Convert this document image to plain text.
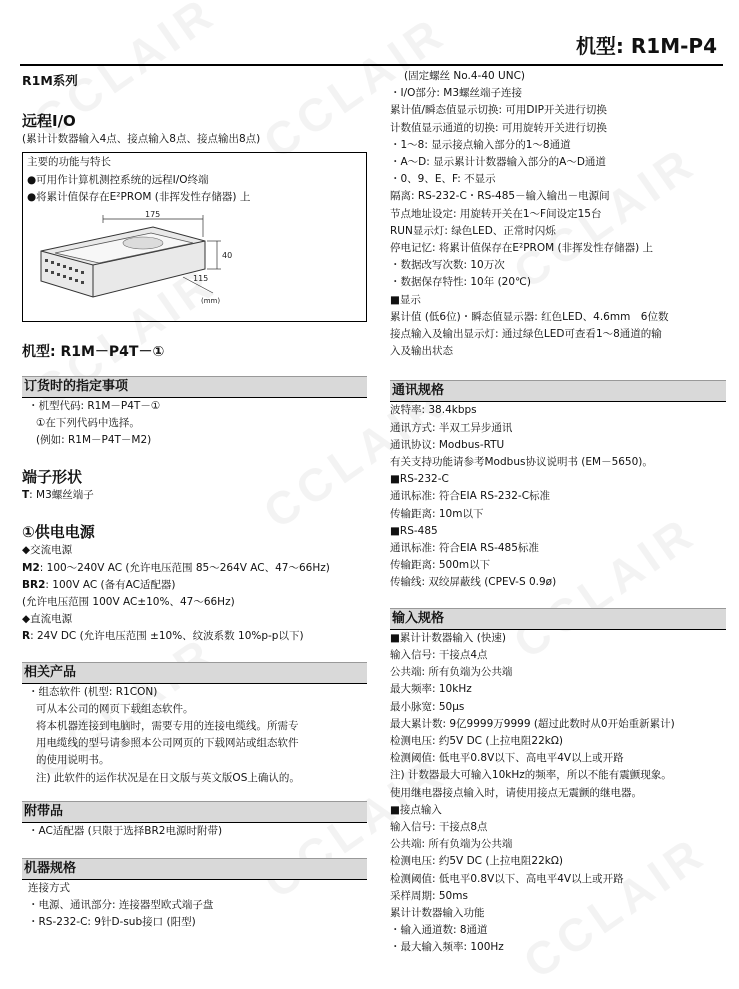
机型: R1M-P4
R1M系列
远程I/O
(累计计数器输入4点、接点输入8点、接点输出8点)
主要的功能与特长
●可用作计算机测控系统的远程I/O终端
●将累计值保存在E²PROM (非挥发性存储器) 上
175
40
115
(mm)
机型: R1M－P4T－①
订货时的指定事项
・机型代码: R1M－P4T－①
①在下列代码中选择。
(例如: R1M－P4T－M2)
端子形状
T: M3螺丝端子
①供电电源
◆交流电源
M2: 100～240V AC (允许电压范围 85～264V AC、47～66Hz)
BR2: 100V AC (备有AC适配器)
(允许电压范围 100V AC±10%、47～66Hz)
◆直流电源
R: 24V DC (允许电压范围 ±10%、纹波系数 10%p-p以下)
相关产品
・组态软件 (机型: R1CON)
可从本公司的网页下载组态软件。
将本机器连接到电脑时，需要专用的连接电缆线。所需专
用电缆线的型号请参照本公司网页的下载网站或组态软件
的使用说明书。
注) 此软件的运作状况是在日文版与英文版OS上确认的。
附带品
・AC适配器 (只限于选择BR2电源时附带)
机器规格
连接方式
・电源、通讯部分: 连接器型欧式端子盘
・RS-232-C: 9针D-sub接口 (阳型)
(固定螺丝 No.4-40 UNC)
・I/O部分: M3螺丝端子连接
累计值/瞬态值显示切换: 可用DIP开关进行切换
计数值显示通道的切换: 可用旋转开关进行切换
・1～8: 显示接点输入部分的1～8通道
・A～D: 显示累计计数器输入部分的A～D通道
・0、9、E、F: 不显示
隔离: RS-232-C・RS-485－输入输出－电源间
节点地址设定: 用旋转开关在1～F间设定15台
RUN显示灯: 绿色LED、正常时闪烁
停电记忆: 将累计值保存在E²PROM (非挥发性存储器) 上
・数据改写次数: 10万次
・数据保存特性: 10年 (20℃)
■显示
累计值 (低6位)・瞬态值显示器: 红色LED、4.6mm　6位数
接点输入及输出显示灯: 通过绿色LED可查看1～8通道的输
入及输出状态
通讯规格
波特率: 38.4kbps
通讯方式: 半双工异步通讯
通讯协议: Modbus-RTU
有关支持功能请参考Modbus协议说明书 (EM－5650)。
■RS-232-C
通讯标准: 符合EIA RS-232-C标准
传输距离: 10m以下
■RS-485
通讯标准: 符合EIA RS-485标准
传输距离: 500m以下
传输线: 双绞屏蔽线 (CPEV-S 0.9ø)
输入规格
■累计计数器输入 (快速)
输入信号: 干接点4点
公共端: 所有负端为公共端
最大频率: 10kHz
最小脉宽: 50μs
最大累计数: 9亿9999万9999 (超过此数时从0开始重新累计)
检测电压: 约5V DC (上拉电阻22kΩ)
检测阈值: 低电平0.8V以下、高电平4V以上或开路
注) 计数器最大可输入10kHz的频率，所以不能有震颤现象。
使用继电器接点输入时，请使用接点无震颤的继电器。
■接点输入
输入信号: 干接点8点
公共端: 所有负端为公共端
检测电压: 约5V DC (上拉电阻22kΩ)
检测阈值: 低电平0.8V以下、高电平4V以上或开路
采样周期: 50ms
累计计数器输入功能
・输入通道数: 8通道
・最大输入频率: 100Hz
